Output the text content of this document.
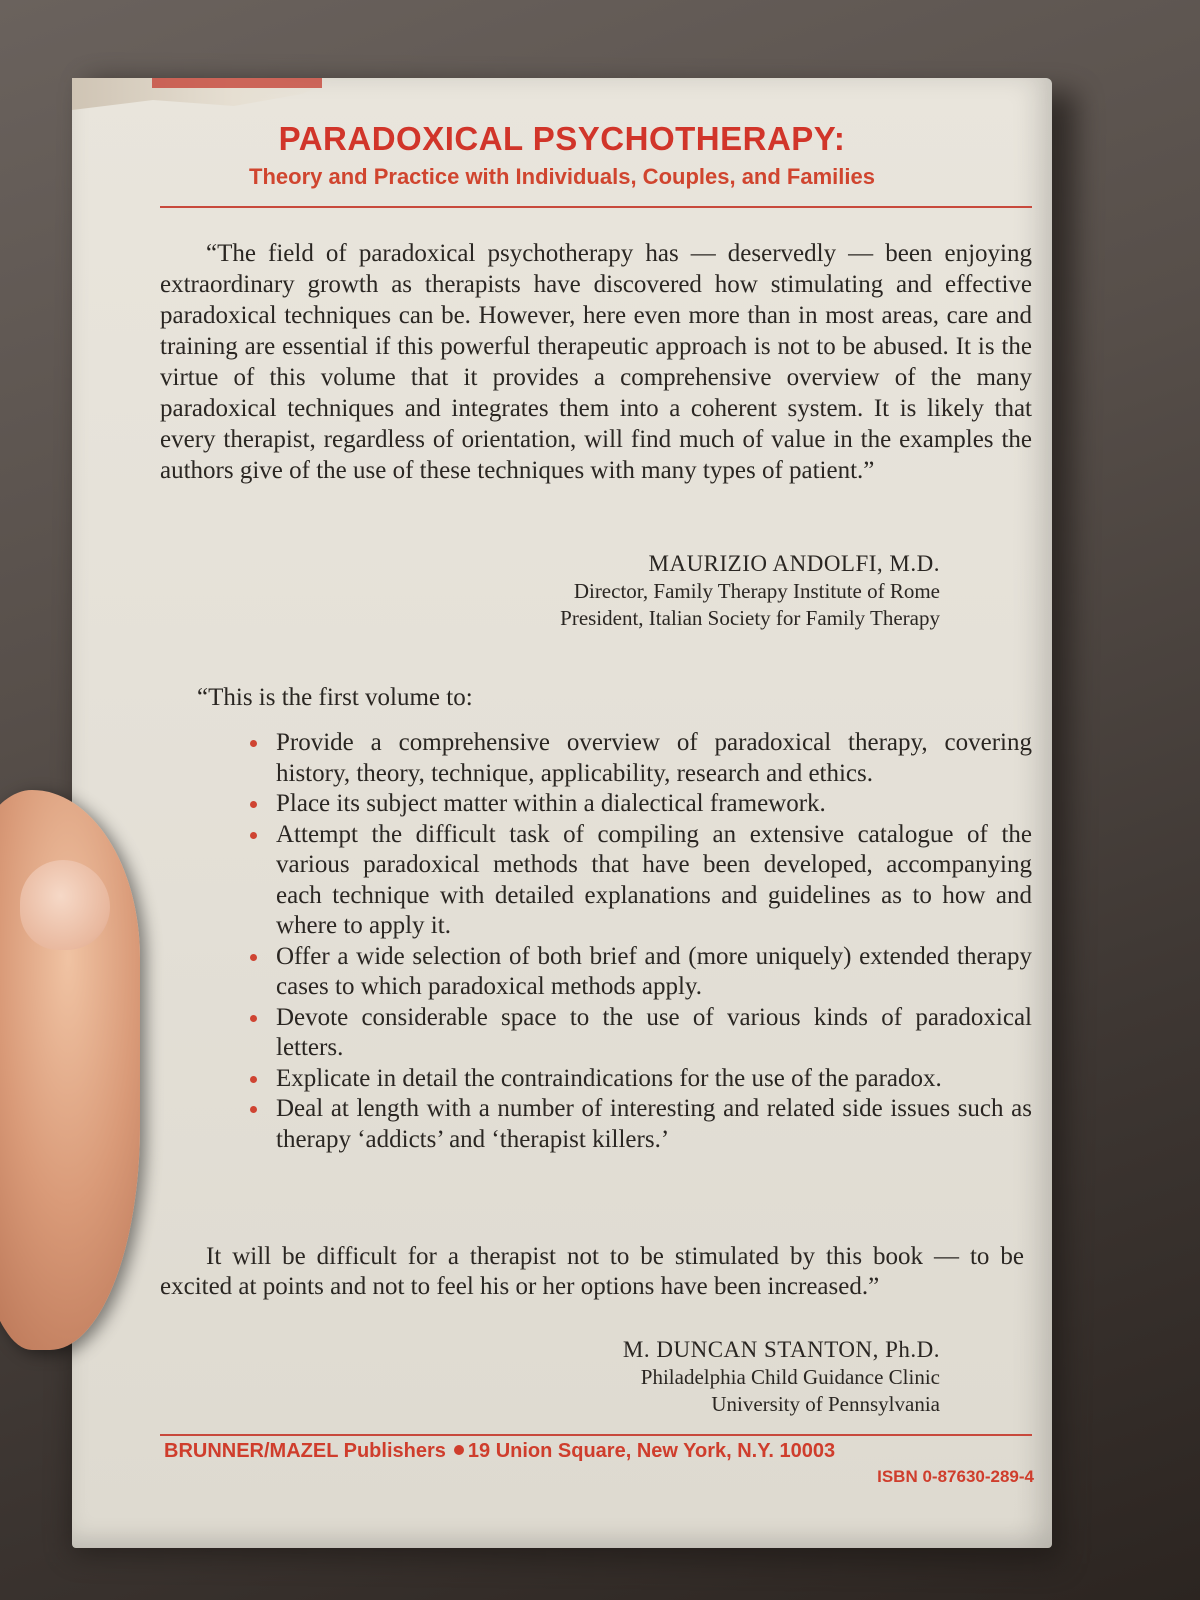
PARADOXICAL PSYCHOTHERAPY:
Theory and Practice with Individuals, Couples, and Families
“The field of paradoxical psychotherapy has — deservedly — been enjoying extraordinary growth as therapists have discovered how stimulating and effective paradoxical techniques can be. However, here even more than in most areas, care and training are essential if this powerful therapeutic approach is not to be abused. It is the virtue of this volume that it provides a comprehensive overview of the many paradoxical techniques and integrates them into a coherent system. It is likely that every therapist, regardless of orientation, will find much of value in the examples the authors give of the use of these techniques with many types of patient.”
MAURIZIO ANDOLFI, M.D.
Director, Family Therapy Institute of Rome
President, Italian Society for Family Therapy
“This is the first volume to:
Provide a comprehensive overview of paradoxical therapy, covering history, theory, technique, applicability, research and ethics.
Place its subject matter within a dialectical framework.
Attempt the difficult task of compiling an extensive catalogue of the various paradoxical methods that have been developed, accompanying each technique with detailed explanations and guidelines as to how and where to apply it.
Offer a wide selection of both brief and (more uniquely) extended therapy cases to which paradoxical methods apply.
Devote considerable space to the use of various kinds of paradoxical letters.
Explicate in detail the contraindications for the use of the paradox.
Deal at length with a number of interesting and related side issues such as therapy ‘addicts’ and ‘therapist killers.’
It will be difficult for a therapist not to be stimulated by this book — to be excited at points and not to feel his or her options have been increased.”
M. DUNCAN STANTON, Ph.D.
Philadelphia Child Guidance Clinic
University of Pennsylvania
BRUNNER/MAZEL Publishers 19 Union Square, New York, N.Y. 10003
ISBN 0-87630-289-4
